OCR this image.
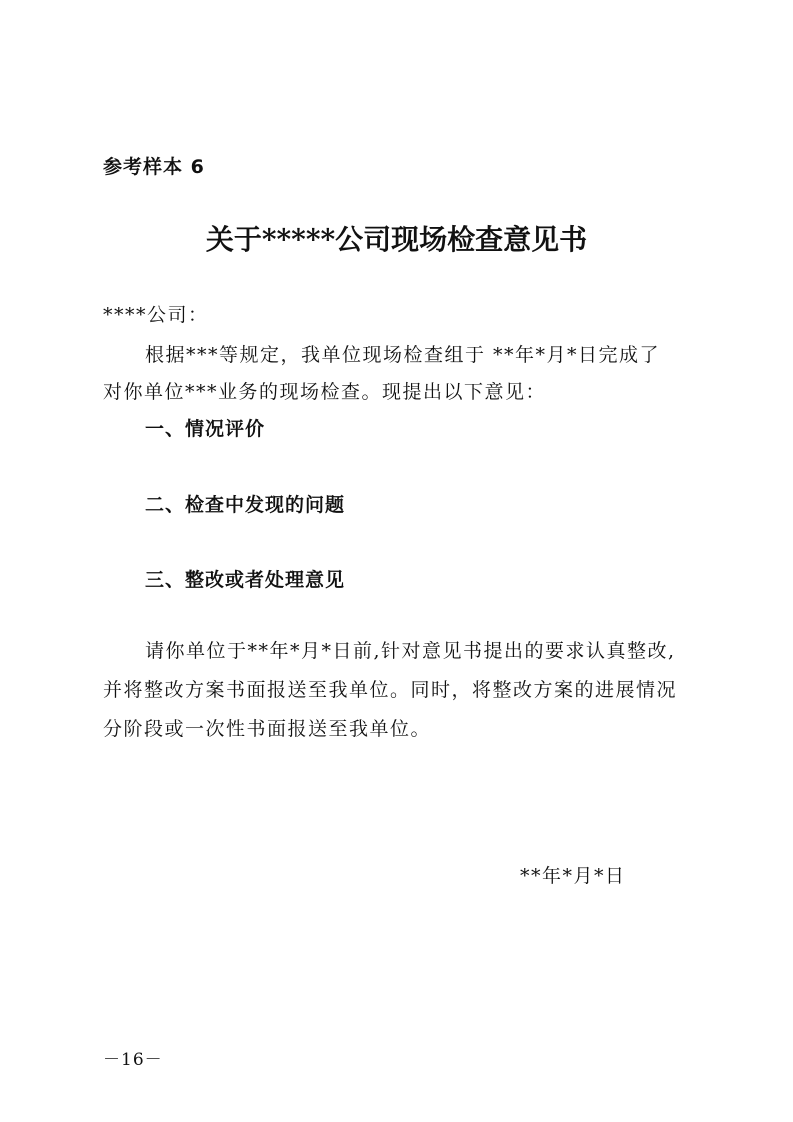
参考样本 6
关于*****公司现场检查意见书
****公司：
根据***等规定，我单位现场检查组于 **年*月*日完成了
对你单位***业务的现场检查。现提出以下意见：
一、情况评价
二、检查中发现的问题
三、整改或者处理意见
请你单位于**年*月*日前,针对意见书提出的要求认真整改,
并将整改方案书面报送至我单位。同时，将整改方案的进展情况
分阶段或一次性书面报送至我单位。
**年*月*日
－16－
